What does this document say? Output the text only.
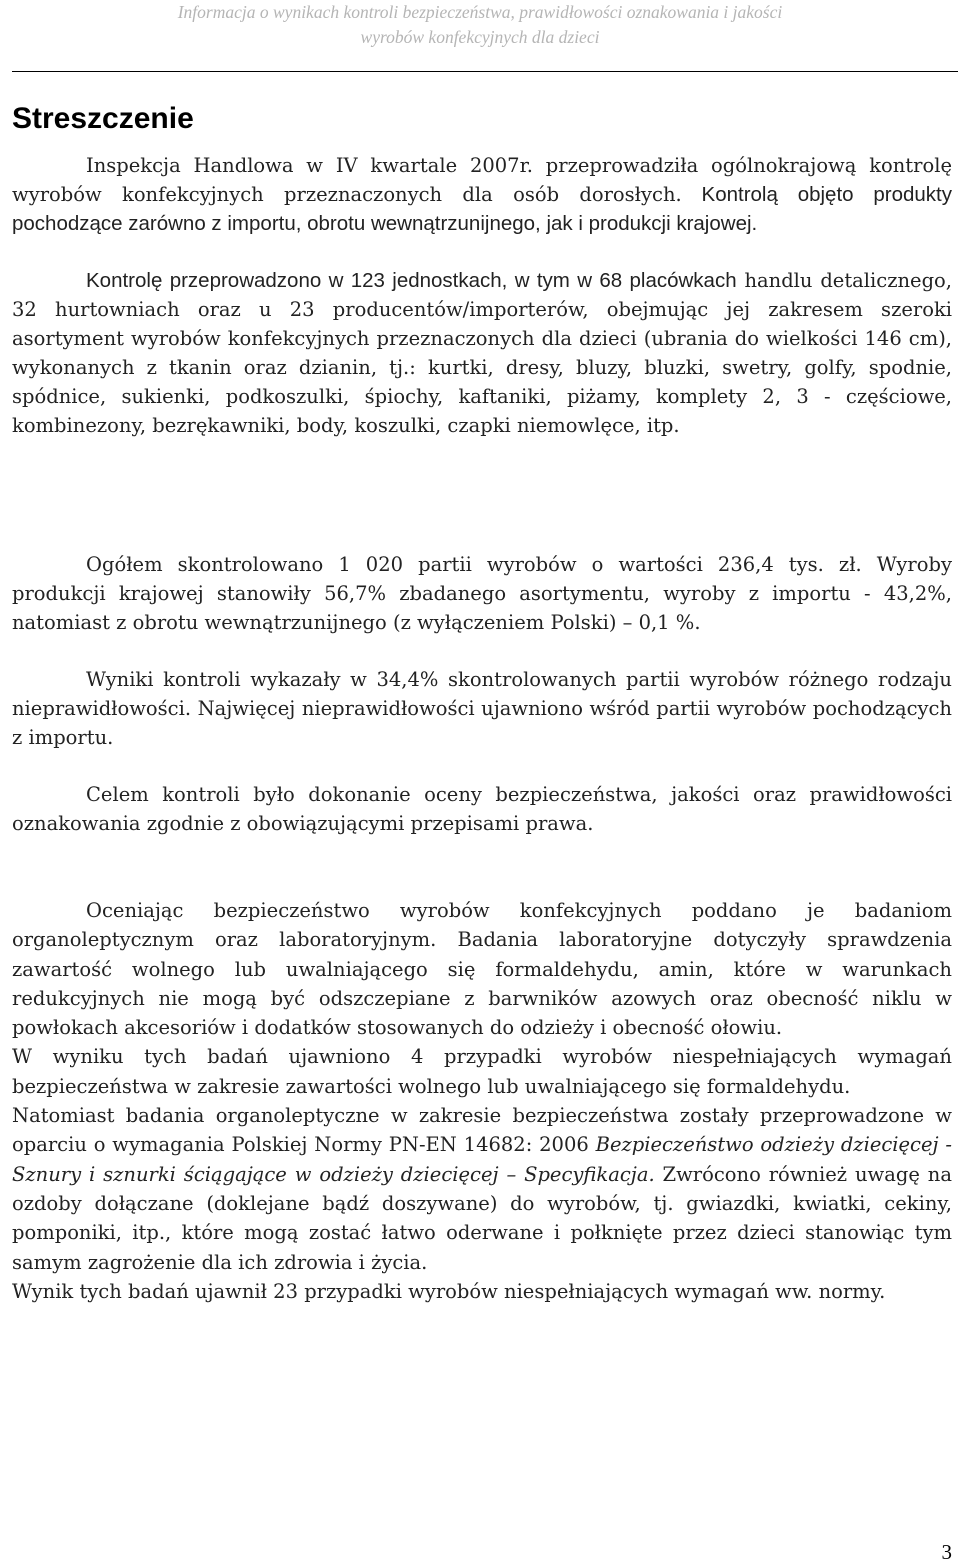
Informacja o wynikach kontroli bezpieczeństwa, prawidłowości oznakowania i jakości
wyrobów konfekcyjnych dla dzieci
Streszczenie

Inspekcja Handlowa w IV kwartale 2007r. przeprowadziła ogólnokrajową kontrolę wyrobów konfekcyjnych przeznaczonych dla osób dorosłych. Kontrolą objęto produkty pochodzące zarówno z importu, obrotu wewnątrzunijnego, jak i produkcji krajowej.

Kontrolę przeprowadzono w 123 jednostkach, w tym w 68 placówkach handlu detalicznego, 32 hurtowniach oraz u 23 producentów/importerów, obejmując jej zakresem szeroki asortyment wyrobów konfekcyjnych przeznaczonych dla dzieci (ubrania do wielkości 146 cm), wykonanych z tkanin oraz dzianin, tj.: kurtki, dresy, bluzy, bluzki, swetry, golfy, spodnie, spódnice, sukienki, podkoszulki, śpiochy, kaftaniki, piżamy, komplety 2, 3 - częściowe, kombinezony, bezrękawniki, body, koszulki, czapki niemowlęce, itp.

Ogółem skontrolowano 1 020 partii wyrobów o wartości 236,4 tys. zł. Wyroby produkcji krajowej stanowiły 56,7% zbadanego asortymentu, wyroby z importu - 43,2%, natomiast z obrotu wewnątrzunijnego (z wyłączeniem Polski) – 0,1 %.

Wyniki kontroli wykazały w 34,4% skontrolowanych partii wyrobów różnego rodzaju nieprawidłowości. Najwięcej nieprawidłowości ujawniono wśród partii wyrobów pochodzących z importu.

Celem kontroli było dokonanie oceny bezpieczeństwa, jakości oraz prawidłowości oznakowania zgodnie z obowiązującymi przepisami prawa.

Oceniając bezpieczeństwo wyrobów konfekcyjnych poddano je badaniom organoleptycznym oraz laboratoryjnym. Badania laboratoryjne dotyczyły sprawdzenia zawartość wolnego lub uwalniającego się formaldehydu, amin, które w warunkach redukcyjnych nie mogą być odszczepiane z barwników azowych oraz obecność niklu w powłokach akcesoriów i dodatków stosowanych do odzieży i obecność ołowiu.

W wyniku tych badań ujawniono 4 przypadki wyrobów niespełniających wymagań bezpieczeństwa w zakresie zawartości wolnego lub uwalniającego się formaldehydu.

Natomiast badania organoleptyczne w zakresie bezpieczeństwa zostały przeprowadzone w oparciu o wymagania Polskiej Normy PN-EN 14682: 2006 Bezpieczeństwo odzieży dziecięcej - Sznury i sznurki ściągające w odzieży dziecięcej – Specyfikacja. Zwrócono również uwagę na ozdoby dołączane (doklejane bądź doszywane) do wyrobów, tj. gwiazdki, kwiatki, cekiny, pomponiki, itp., które mogą zostać łatwo oderwane i połknięte przez dzieci stanowiąc tym samym zagrożenie dla ich zdrowia i życia.

Wynik tych badań ujawnił 23 przypadki wyrobów niespełniających wymagań ww. normy.

3
